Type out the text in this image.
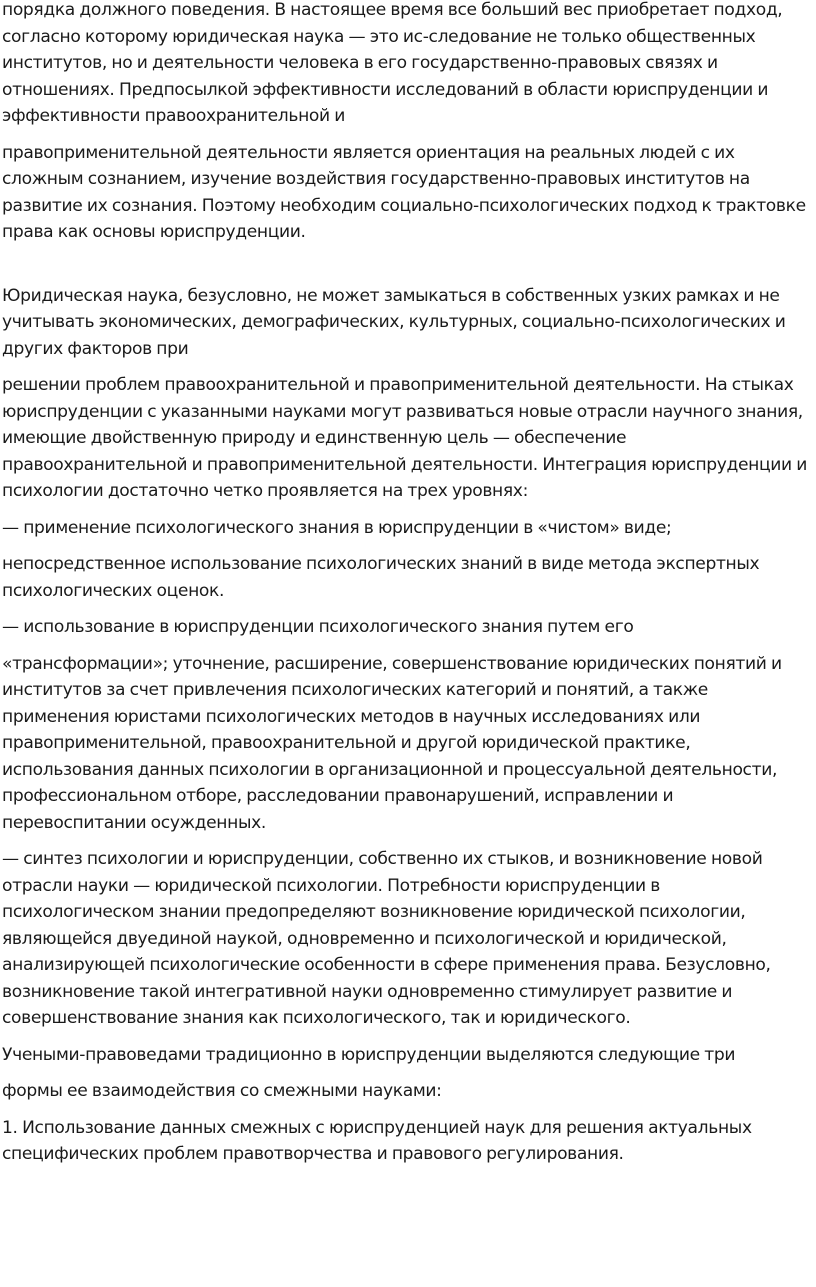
порядка должного поведения. В настоящее время все больший вес приобретает подход, согласно которому юридическая наука — это ис-следование не только общественных институтов, но и деятельности человека в его государственно-правовых связях и отношениях. Предпосылкой эффективности исследований в области юриспруденции и эффективности правоохранительной и

правоприменительной деятельности является ориентация на реальных людей с их сложным сознанием, изучение воздействия государственно-правовых институтов на развитие их сознания. Поэтому необходим социально-психологических подход к трактовке права как основы юриспруденции.

Юридическая наука, безусловно, не может замыкаться в собственных узких рамках и не учитывать экономических, демографических, культурных, социально-психологических и других факторов при

решении проблем правоохранительной и правоприменительной деятельности. На стыках юриспруденции с указанными науками могут развиваться новые отрасли научного знания, имеющие двойственную природу и единственную цель — обеспечение правоохранительной и правоприменительной деятельности. Интеграция юриспруденции и психологии достаточно четко проявляется на трех уровнях:

— применение психологического знания в юриспруденции в «чистом» виде;

непосредственное использование психологических знаний в виде метода экспертных психологических оценок.

— использование в юриспруденции психологического знания путем его

«трансформации»; уточнение, расширение, совершенствование юридических понятий и институтов за счет привлечения психологических категорий и понятий, а также применения юристами психологических методов в научных исследованиях или правоприменительной, правоохранительной и другой юридической практике, использования данных психологии в организационной и процессуальной деятельности, профессиональном отборе, расследовании правонарушений, исправлении и перевоспитании осужденных.

— синтез психологии и юриспруденции, собственно их стыков, и возникновение новой отрасли науки — юридической психологии. Потребности юриспруденции в психологическом знании предопределяют возникновение юридической психологии, являющейся двуединой наукой, одновременно и психологической и юридической, анализирующей психологические особенности в сфере применения права. Безусловно, возникновение такой интегративной науки одновременно стимулирует развитие и совершенствование знания как психологического, так и юридического.

Учеными-правоведами традиционно в юриспруденции выделяются следующие три

формы ее взаимодействия со смежными науками:

1. Использование данных смежных с юриспруденцией наук для решения актуальных специфических проблем правотворчества и правового регулирования.
